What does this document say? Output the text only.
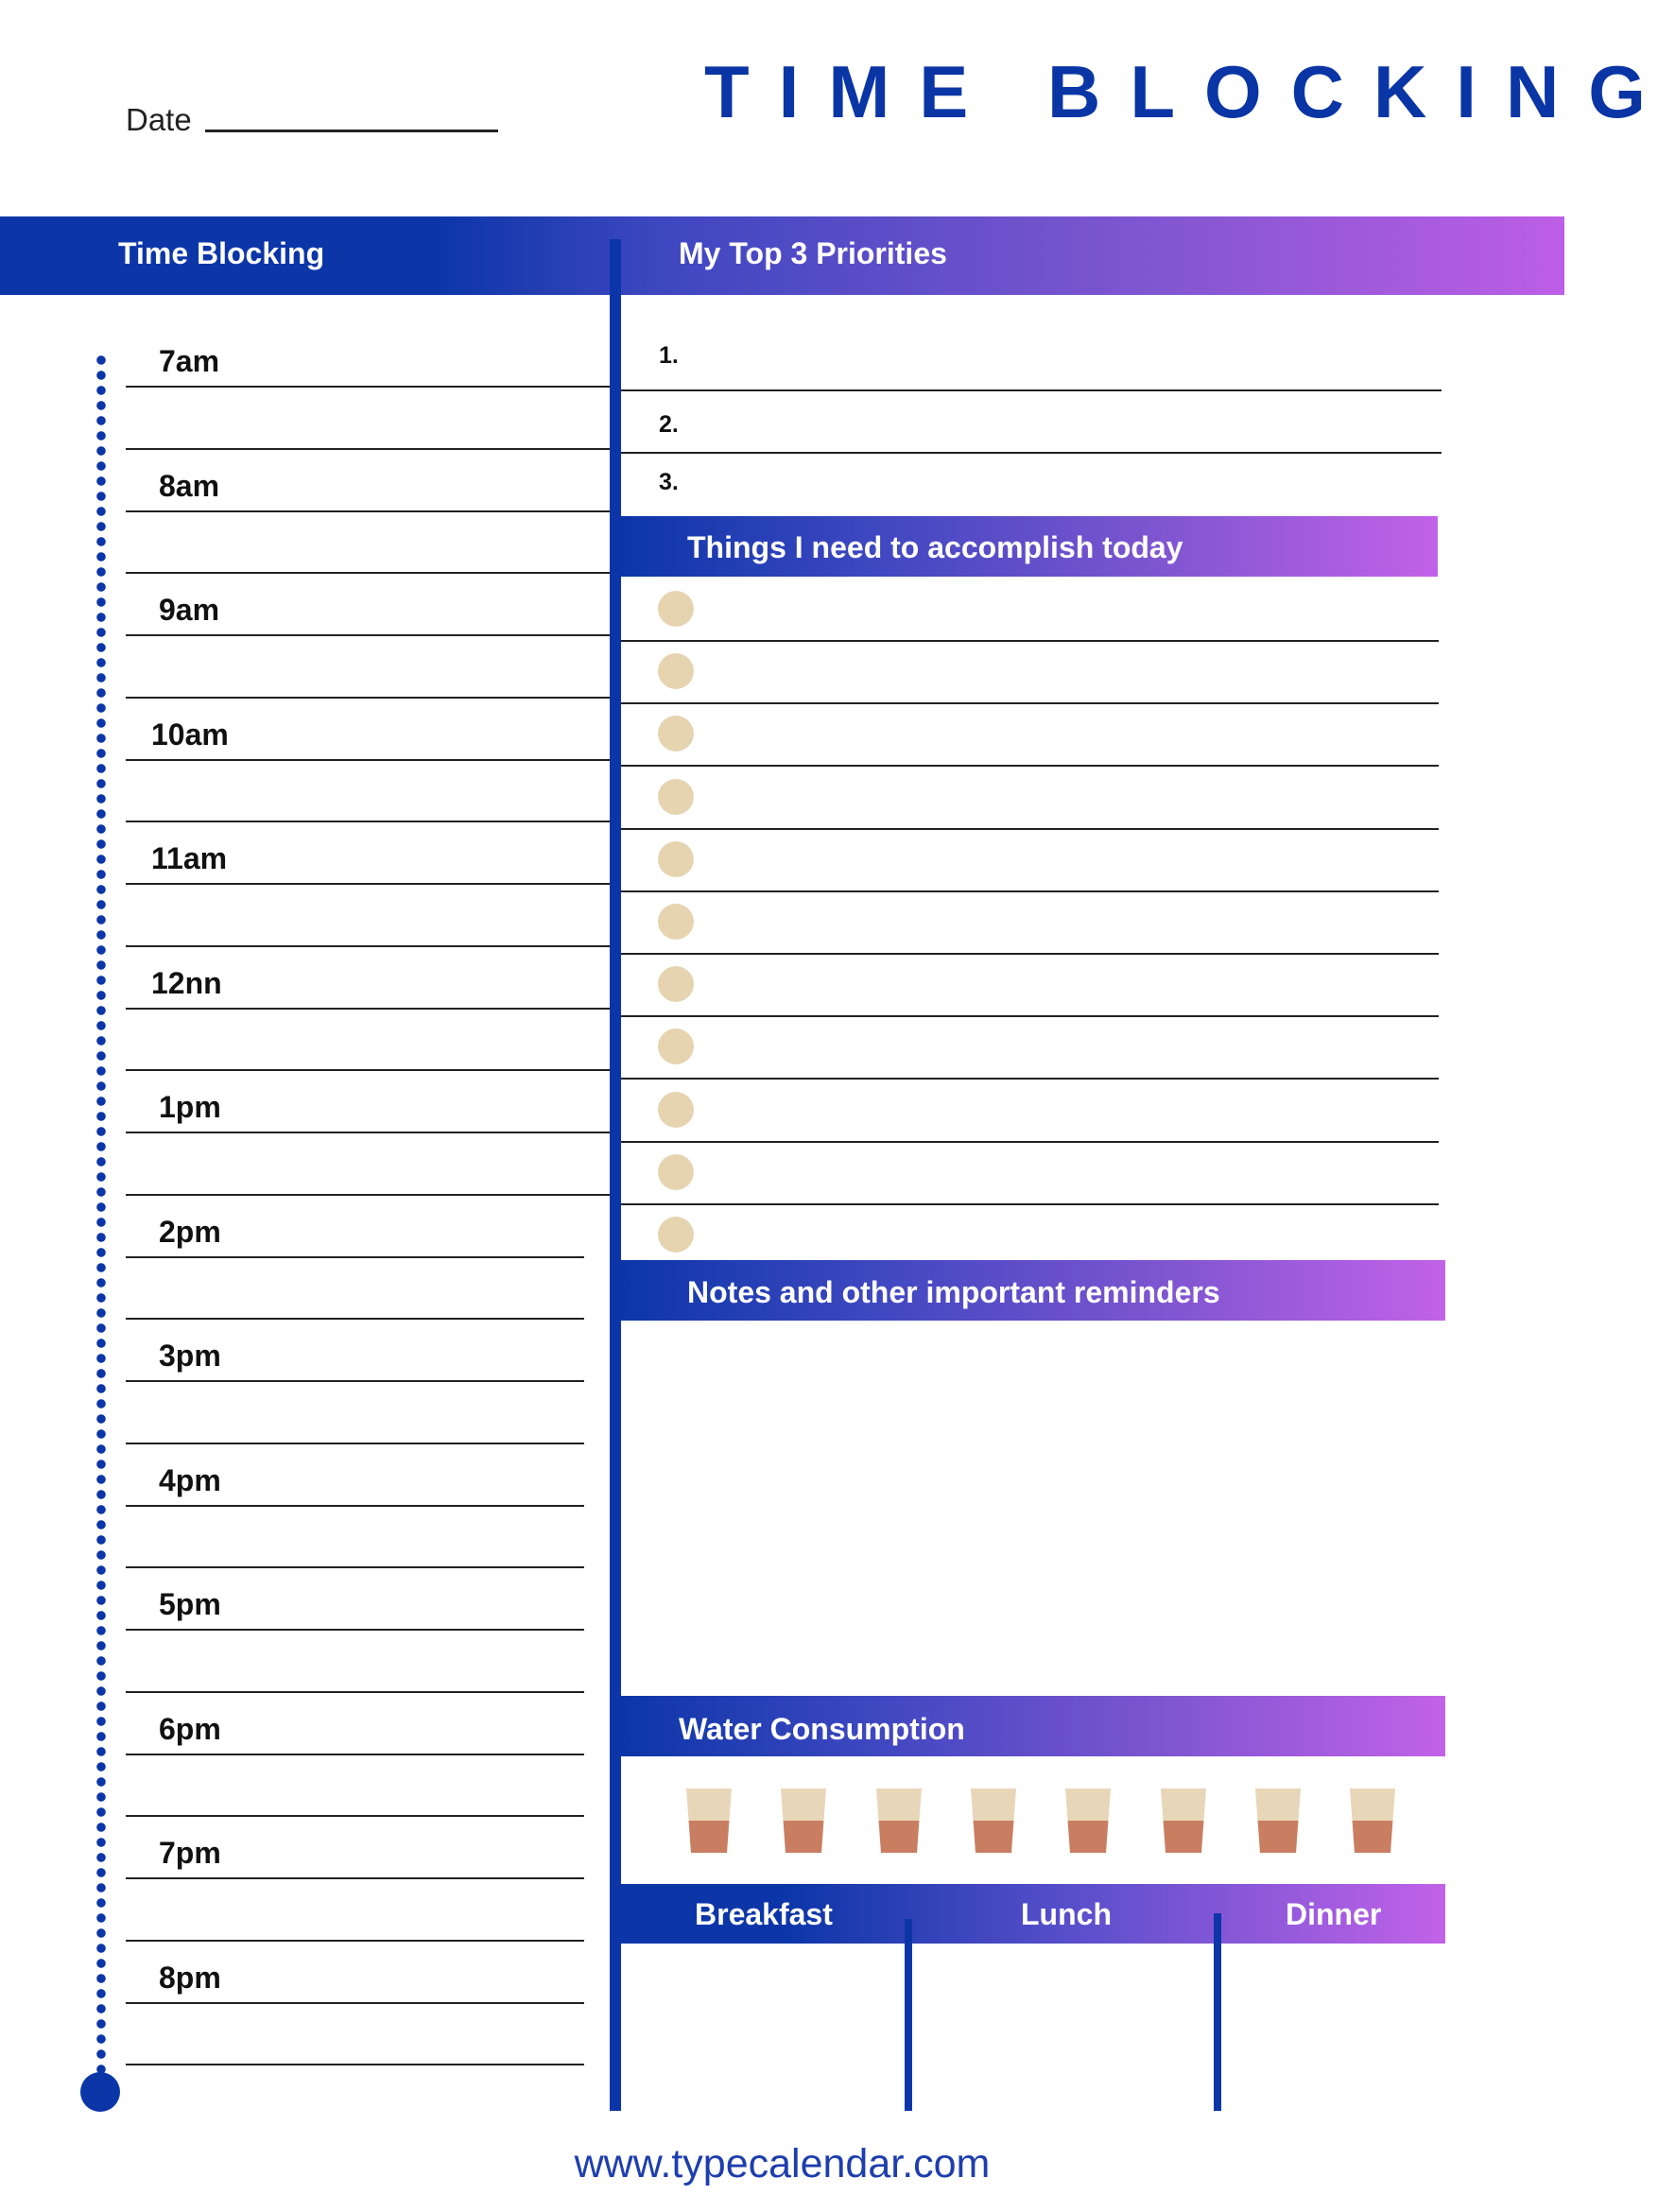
Date	TIME BLOCKING
Time Blocking	My Top 3 Priorities
7am
8am
9am
10am
11am
12nn
1pm
2pm
3pm
4pm
5pm
6pm
7pm
8pm
1.
2.
3.
Things I need to accomplish today
Notes and other important reminders
Water Consumption
Breakfast	Lunch	Dinner
www.typecalendar.com
